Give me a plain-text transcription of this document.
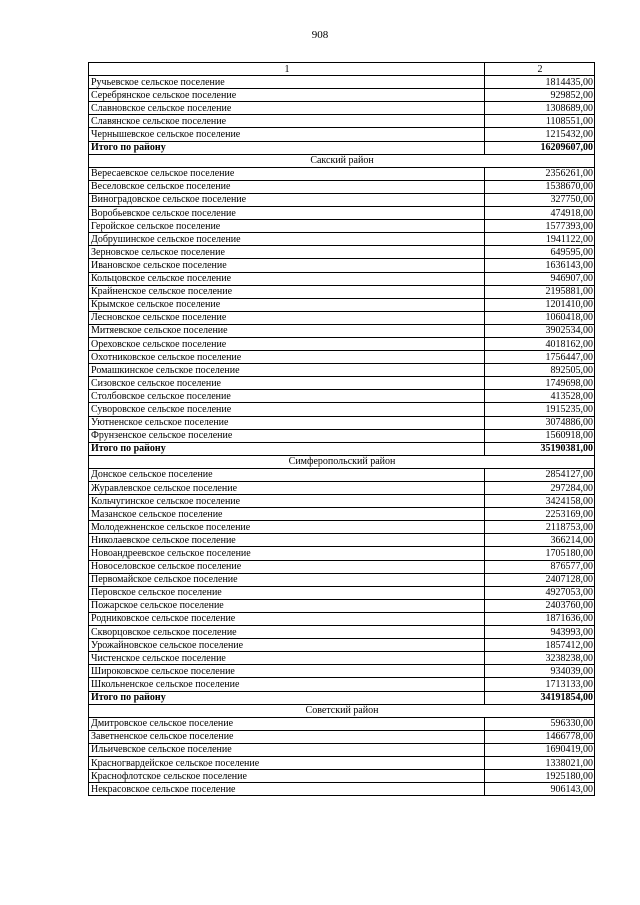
908
1	2
Ручьевское сельское поселение	1814435,00
Серебрянское сельское поселение	929852,00
Славновское сельское поселение	1308689,00
Славянское сельское поселение	1108551,00
Чернышевское сельское поселение	1215432,00
Итого по району	16209607,00
Сакский район	
Вересаевское сельское поселение	2356261,00
Веселовское сельское поселение	1538670,00
Виноградовское сельское поселение	327750,00
Воробьевское сельское поселение	474918,00
Геройское сельское поселение	1577393,00
Добрушинское сельское поселение	1941122,00
Зерновское сельское поселение	649595,00
Ивановское сельское поселение	1636143,00
Кольцовское сельское поселение	946907,00
Крайненское сельское поселение	2195881,00
Крымское сельское поселение	1201410,00
Лесновское сельское поселение	1060418,00
Митяевское сельское поселение	3902534,00
Ореховское сельское поселение	4018162,00
Охотниковское сельское поселение	1756447,00
Ромашкинское сельское поселение	892505,00
Сизовское сельское поселение	1749698,00
Столбовское сельское поселение	413528,00
Суворовское сельское поселение	1915235,00
Уютненское сельское поселение	3074886,00
Фрунзенское сельское поселение	1560918,00
Итого по району	35190381,00
Симферопольский район	
Донское сельское поселение	2854127,00
Журавлевское сельское поселение	297284,00
Кольчугинское сельское поселение	3424158,00
Мазанское сельское поселение	2253169,00
Молодежненское сельское поселение	2118753,00
Николаевское сельское поселение	366214,00
Новоандреевское сельское поселение	1705180,00
Новоселовское сельское поселение	876577,00
Первомайское сельское поселение	2407128,00
Перовское сельское поселение	4927053,00
Пожарское сельское поселение	2403760,00
Родниковское сельское поселение	1871636,00
Скворцовское сельское поселение	943993,00
Урожайновское сельское поселение	1857412,00
Чистенское сельское поселение	3238238,00
Широковское сельское поселение	934039,00
Школьненское сельское поселение	1713133,00
Итого по району	34191854,00
Советский район	
Дмитровское сельское поселение	596330,00
Заветненское сельское поселение	1466778,00
Ильичевское сельское поселение	1690419,00
Красногвардейское сельское поселение	1338021,00
Краснофлотское сельское поселение	1925180,00
Некрасовское сельское поселение	906143,00
